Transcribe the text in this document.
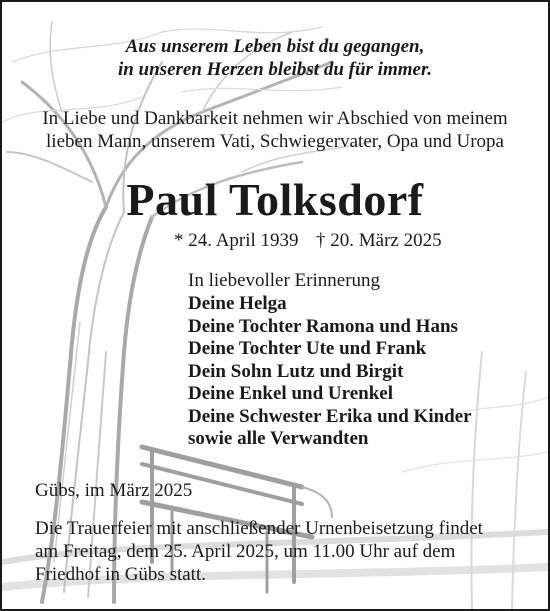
Aus unserem Leben bist du gegangen,

in unseren Herzen bleibst du für immer.

In Liebe und Dankbarkeit nehmen wir Abschied von meinem

lieben Mann, unserem Vati, Schwiegervater, Opa und Uropa

Paul Tolksdorf

* 24. April 1939 † 20. März 2025

In liebevoller Erinnerung

Deine Helga

Deine Tochter Ramona und Hans

Deine Tochter Ute und Frank

Dein Sohn Lutz und Birgit

Deine Enkel und Urenkel

Deine Schwester Erika und Kinder

sowie alle Verwandten

Gübs, im März 2025

Die Trauerfeier mit anschließender Urnenbeisetzung findet

am Freitag, dem 25. April 2025, um 11.00 Uhr auf dem

Friedhof in Gübs statt.
